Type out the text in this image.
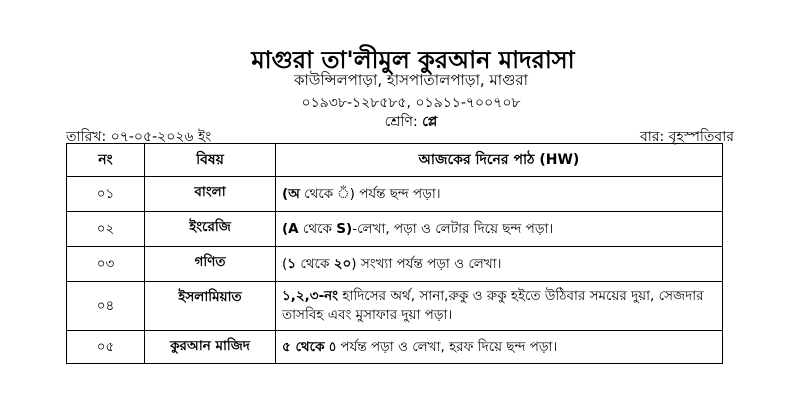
মাগুরা তা'লীমুল কুরআন মাদরাসা
কাউন্সিলপাড়া, হাসপাতালপাড়া, মাগুরা
০১৯৩৮-১২৮৫৮৫, ০১৯১১-৭০০৭০৮
শ্রেণি: প্লে
তারিখ: ০৭-০৫-২০২৬ ইং	বার: বৃহস্পতিবার
নং	বিষয়	আজকের দিনের পাঠ (HW)
০১	বাংলা	(অ থেকে ঁ) পর্যন্ত ছন্দ পড়া।
০২	ইংরেজি	(A থেকে S)-লেখা, পড়া ও লেটার দিয়ে ছন্দ পড়া।
০৩	গণিত	(১ থেকে ২০) সংখ্যা পর্যন্ত পড়া ও লেখা।
০৪	ইসলামিয়াত	১,২,৩-নং হাদিসের অর্থ, সানা,রুকু ও রুকু হইতে উঠিবার সময়ের দুয়া, সেজদার তাসবিহ এবং মুসাফার দুয়া পড়া।
০৫	কুরআন মাজিদ	৫ থেকে ٥ পর্যন্ত পড়া ও লেখা, হরফ দিয়ে ছন্দ পড়া।
